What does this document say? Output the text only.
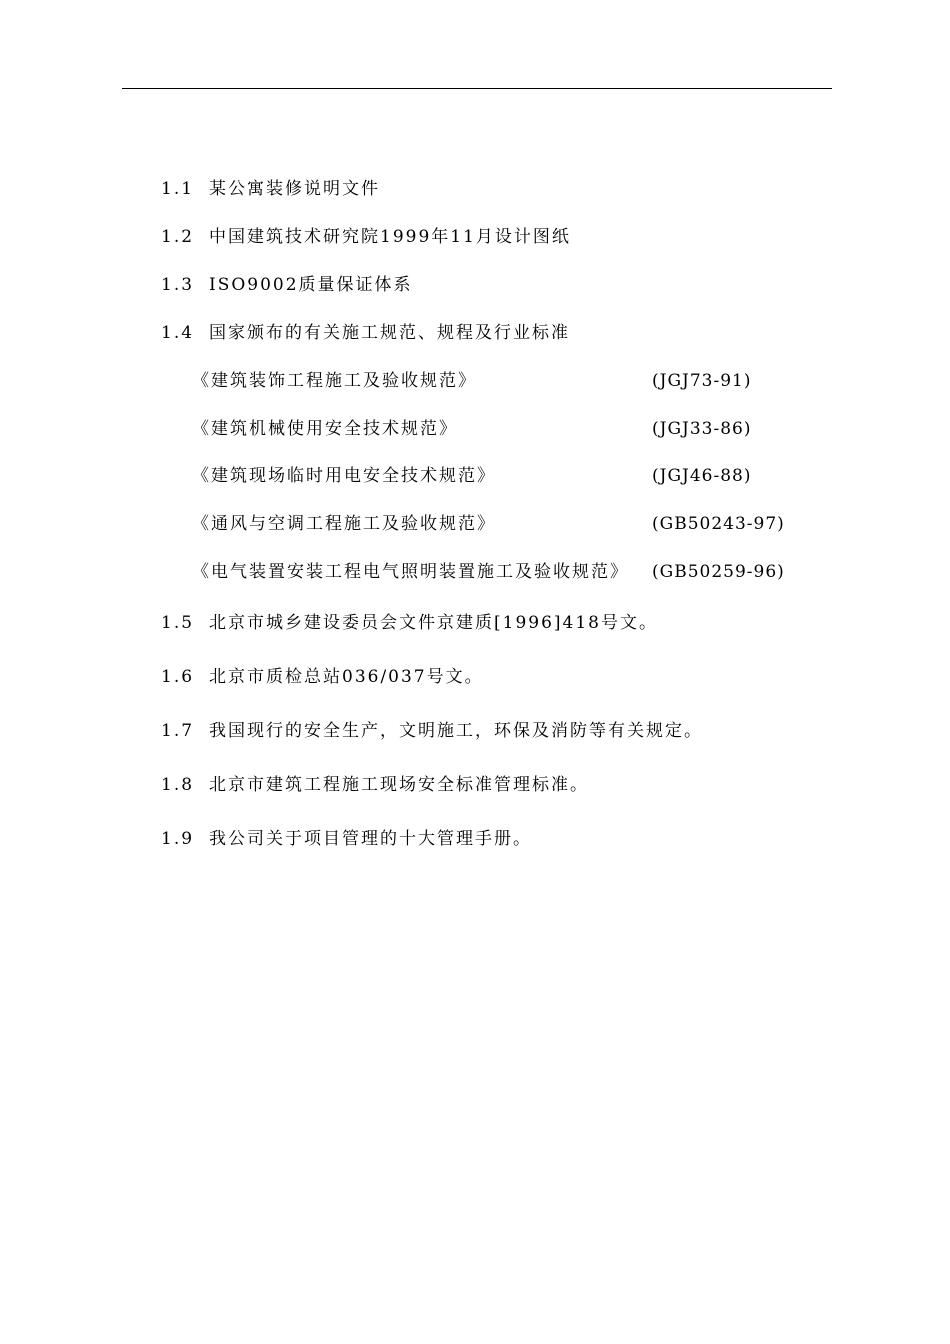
1.1 某公寓装修说明文件
1.2 中国建筑技术研究院1999年11月设计图纸
1.3 ISO9002质量保证体系
1.4 国家颁布的有关施工规范、规程及行业标准
《建筑装饰工程施工及验收规范》	(JGJ73-91)
《建筑机械使用安全技术规范》	(JGJ33-86)
《建筑现场临时用电安全技术规范》	(JGJ46-88)
《通风与空调工程施工及验收规范》	(GB50243-97)
《电气装置安装工程电气照明装置施工及验收规范》 (GB50259-96)
1.5 北京市城乡建设委员会文件京建质[1996]418号文。
1.6 北京市质检总站036/037号文。
1.7 我国现行的安全生产，文明施工，环保及消防等有关规定。
1.8 北京市建筑工程施工现场安全标准管理标准。
1.9 我公司关于项目管理的十大管理手册。
